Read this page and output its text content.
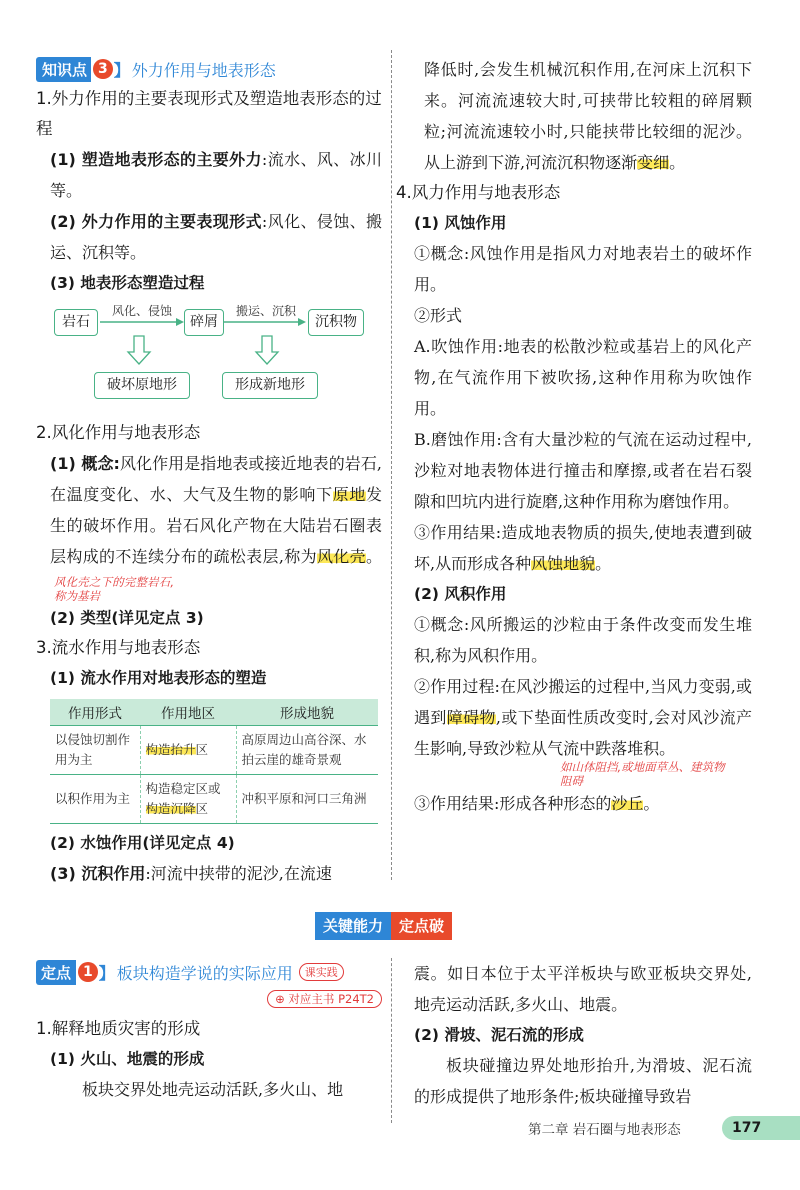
知识点 3 】 外力作用与地表形态
1.外力作用的主要表现形式及塑造地表形态的过程
(1) 塑造地表形态的主要外力:流水、风、冰川等。
(2) 外力作用的主要表现形式:风化、侵蚀、搬运、沉积等。
(3) 地表形态塑造过程
岩石
风化、侵蚀
碎屑
搬运、沉积
沉积物
破坏原地形	形成新地形
2.风化作用与地表形态
(1) 概念:风化作用是指地表或接近地表的岩石,在温度变化、水、大气及生物的影响下原地发生的破坏作用。岩石风化产物在大陆岩石圈表层构成的不连续分布的疏松表层,称为风化壳。风化壳之下的完整岩石,称为基岩
(2) 类型(详见定点 3)
3.流水作用与地表形态
(1) 流水作用对地表形态的塑造
作用形式	作用地区	形成地貌
以侵蚀切割作用为主	构造抬升区	高原周边山高谷深、水拍云崖的雄奇景观
以积作用为主	构造稳定区或构造沉降区	冲积平原和河口三角洲
(2) 水蚀作用(详见定点 4)
(3) 沉积作用:河流中挟带的泥沙,在流速
降低时,会发生机械沉积作用,在河床上沉积下来。河流流速较大时,可挟带比较粗的碎屑颗粒;河流流速较小时,只能挟带比较细的泥沙。从上游到下游,河流沉积物逐渐变细。
4.风力作用与地表形态
(1) 风蚀作用
①概念:风蚀作用是指风力对地表岩土的破坏作用。
②形式
A.吹蚀作用:地表的松散沙粒或基岩上的风化产物,在气流作用下被吹扬,这种作用称为吹蚀作用。
B.磨蚀作用:含有大量沙粒的气流在运动过程中,沙粒对地表物体进行撞击和摩擦,或者在岩石裂隙和凹坑内进行旋磨,这种作用称为磨蚀作用。
③作用结果:造成地表物质的损失,使地表遭到破坏,从而形成各种风蚀地貌。
(2) 风积作用
①概念:风所搬运的沙粒由于条件改变而发生堆积,称为风积作用。
②作用过程:在风沙搬运的过程中,当风力变弱,或遇到障碍物,或下垫面性质改变时,会对风沙流产生影响,导致沙粒从气流中跌落堆积。
如山体阻挡,或地面草丛、建筑物阻碍
③作用结果:形成各种形态的沙丘。
关键能力	定点破
定点 1 】 板块构造学说的实际应用	课实践
⊕ 对应主书 P24T2
1.解释地质灾害的形成
(1) 火山、地震的形成
板块交界处地壳运动活跃,多火山、地
震。如日本位于太平洋板块与欧亚板块交界处,地壳运动活跃,多火山、地震。
(2) 滑坡、泥石流的形成
板块碰撞边界处地形抬升,为滑坡、泥石流的形成提供了地形条件;板块碰撞导致岩
第二章 岩石圈与地表形态	177
